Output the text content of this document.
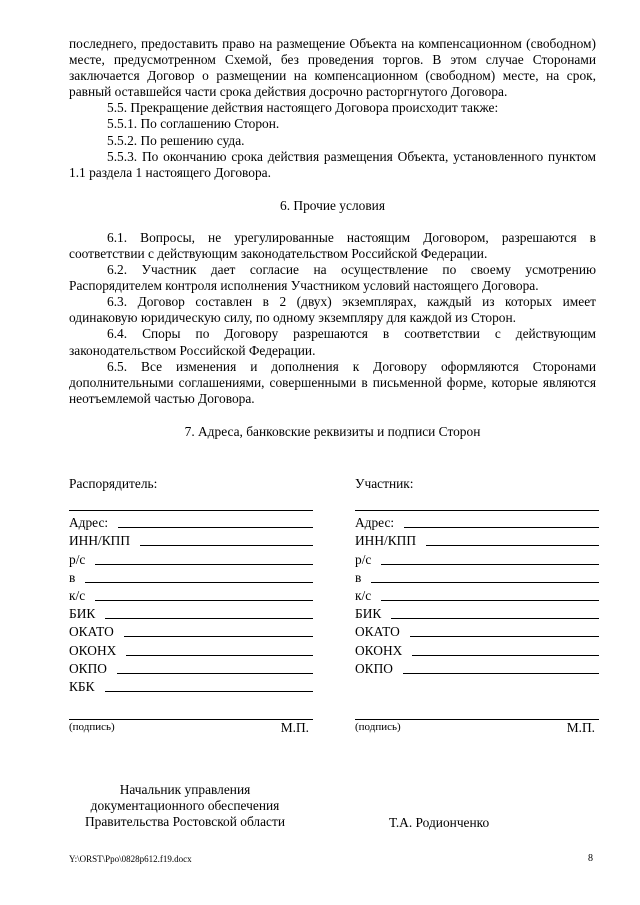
последнего, предоставить право на размещение Объекта на компенсационном (свободном) месте, предусмотренном Схемой, без проведения торгов. В этом случае Сторонами заключается Договор о размещении на компенсационном (свободном) месте, на срок, равный оставшейся части срока действия досрочно расторгнутого Договора.

5.5. Прекращение действия настоящего Договора происходит также:

5.5.1. По соглашению Сторон.

5.5.2. По решению суда.

5.5.3. По окончанию срока действия размещения Объекта, установленного пунктом 1.1 раздела 1 настоящего Договора.

6. Прочие условия

6.1. Вопросы, не урегулированные настоящим Договором, разрешаются в соответствии с действующим законодательством Российской Федерации.

6.2. Участник дает согласие на осуществление по своему усмотрению Распорядителем контроля исполнения Участником условий настоящего Договора.

6.3. Договор составлен в 2 (двух) экземплярах, каждый из которых имеет одинаковую юридическую силу, по одному экземпляру для каждой из Сторон.

6.4. Споры по Договору разрешаются в соответствии с действующим законодательством Российской Федерации.

6.5. Все изменения и дополнения к Договору оформляются Сторонами дополнительными соглашениями, совершенными в письменной форме, которые являются неотъемлемой частью Договора.

7. Адреса, банковские реквизиты и подписи Сторон

Распорядитель:

Адрес:
ИНН/КПП
р/с
в
к/с
БИК
ОКАТО
ОКОНХ
ОКПО
КБК

Участник:

Адрес:
ИНН/КПП
р/с
в
к/с
БИК
ОКАТО
ОКОНХ
ОКПО
(подпись)	М.П.	(подпись)	М.П.
Начальник управления
документационного обеспечения
Правительства Ростовской области	Т.А. Родионченко
Y:\ORST\Ppo\0828p612.f19.docx	8
